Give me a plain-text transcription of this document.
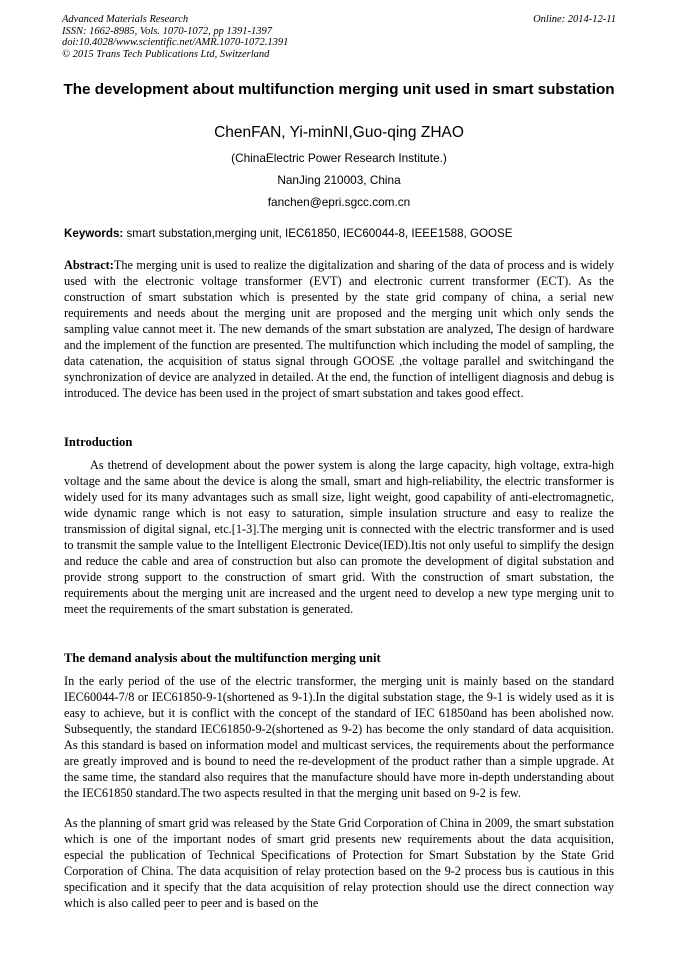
Advanced Materials Research
ISSN: 1662-8985, Vols. 1070-1072, pp 1391-1397
doi:10.4028/www.scientific.net/AMR.1070-1072.1391
© 2015 Trans Tech Publications Ltd, Switzerland
Online: 2014-12-11
The development about multifunction merging unit used in smart substation
ChenFAN, Yi-minNI,Guo-qing ZHAO
(ChinaElectric Power Research Institute.)
NanJing 210003, China
fanchen@epri.sgcc.com.cn
Keywords: smart substation,merging unit, IEC61850, IEC60044-8, IEEE1588, GOOSE
Abstract:The merging unit is used to realize the digitalization and sharing of the data of process and is widely used with the electronic voltage transformer (EVT) and electronic current transformer (ECT). As the construction of smart substation which is presented by the state grid company of china, a serial new requirements and needs about the merging unit are proposed and the merging unit which only sends the sampling value cannot meet it. The new demands of the smart substation are analyzed, The design of hardware and the implement of the function are presented. The multifunction which including the model of sampling, the data catenation, the acquisition of status signal through GOOSE ,the voltage parallel and switchingand the synchronization of device are analyzed in detailed. At the end, the function of intelligent diagnosis and debug is introduced. The device has been used in the project of smart substation and takes good effect.
Introduction
As thetrend of development about the power system is along the large capacity, high voltage, extra-high voltage and the same about the device is along the small, smart and high-reliability, the electric transformer is widely used for its many advantages such as small size, light weight, good capability of anti-electromagnetic, wide dynamic range which is not easy to saturation, simple insulation structure and easy to realize the transmission of digital signal, etc.[1-3].The merging unit is connected with the electric transformer and is used to transmit the sample value to the Intelligent Electronic Device(IED).Itis not only useful to simplify the design and reduce the cable and area of construction but also can promote the development of digital substation and provide strong support to the construction of smart grid. With the construction of smart substation, the requirements about the merging unit are increased and the urgent need to develop a new type merging unit to meet the requirements of the smart substation is generated.
The demand analysis about the multifunction merging unit
In the early period of the use of the electric transformer, the merging unit is mainly based on the standard IEC60044-7/8 or IEC61850-9-1(shortened as 9-1).In the digital substation stage, the 9-1 is widely used as it is easy to achieve, but it is conflict with the concept of the standard of IEC 61850and has been abolished now. Subsequently, the standard IEC61850-9-2(shortened as 9-2) has become the only standard of data acquisition. As this standard is based on information model and multicast services, the requirements about the performance are greatly improved and is bound to need the re-development of the product rather than a simple upgrade. At the same time, the standard also requires that the manufacture should have more in-depth understanding about the IEC61850 standard.The two aspects resulted in that the merging unit based on 9-2 is few.
As the planning of smart grid was released by the State Grid Corporation of China in 2009, the smart substation which is one of the important nodes of smart grid presents new requirements about the data acquisition, especial the publication of Technical Specifications of Protection for Smart Substation by the State Grid Corporation of China. The data acquisition of relay protection based on the 9-2 process bus is cautious in this specification and it specify that the data acquisition of relay protection should use the direct connection way which is also called peer to peer and is based on the
